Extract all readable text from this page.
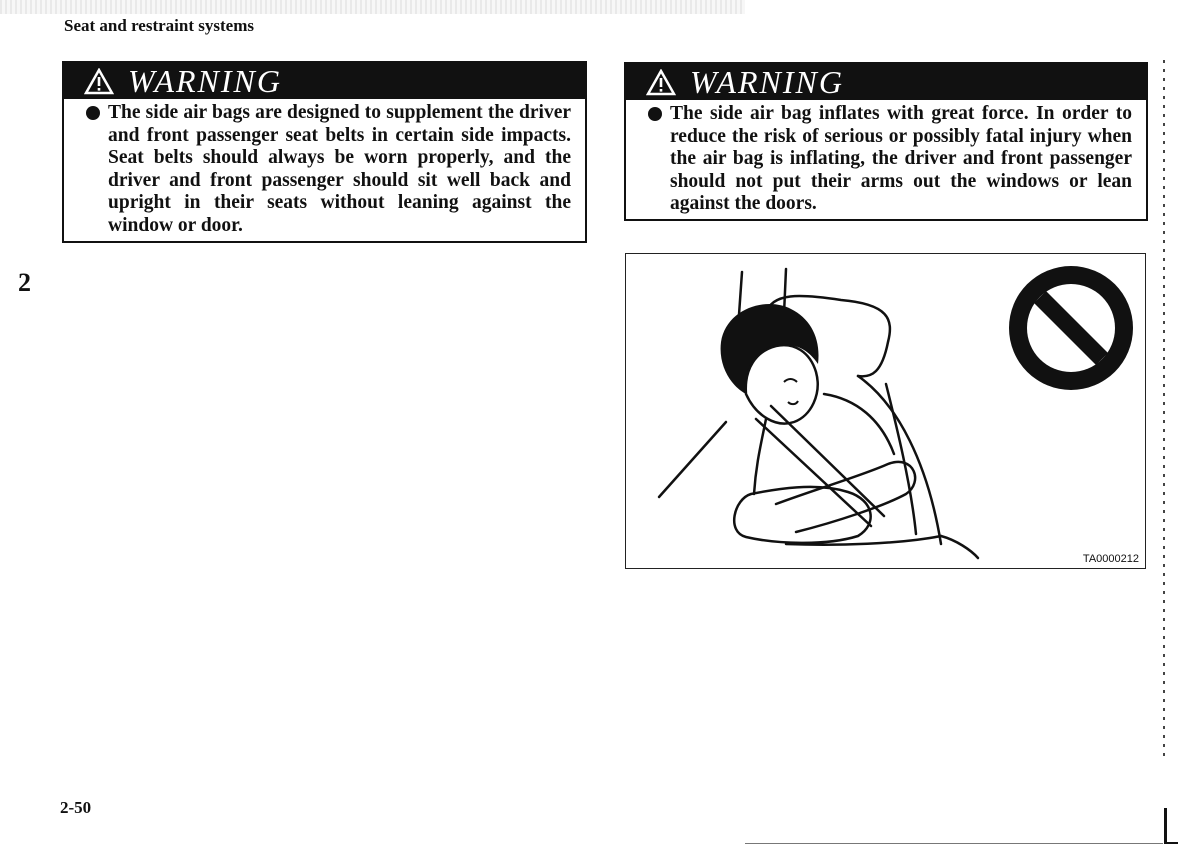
Seat and restraint systems
2
WARNING
The side air bags are designed to supplement the driver and front passenger seat belts in certain side impacts. Seat belts should always be worn properly, and the driver and front passenger should sit well back and upright in their seats without leaning against the window or door.
WARNING
The side air bag inflates with great force. In order to reduce the risk of serious or possibly fatal injury when the air bag is inflating, the driver and front passenger should not put their arms out the windows or lean against the doors.
TA0000212
2-50
